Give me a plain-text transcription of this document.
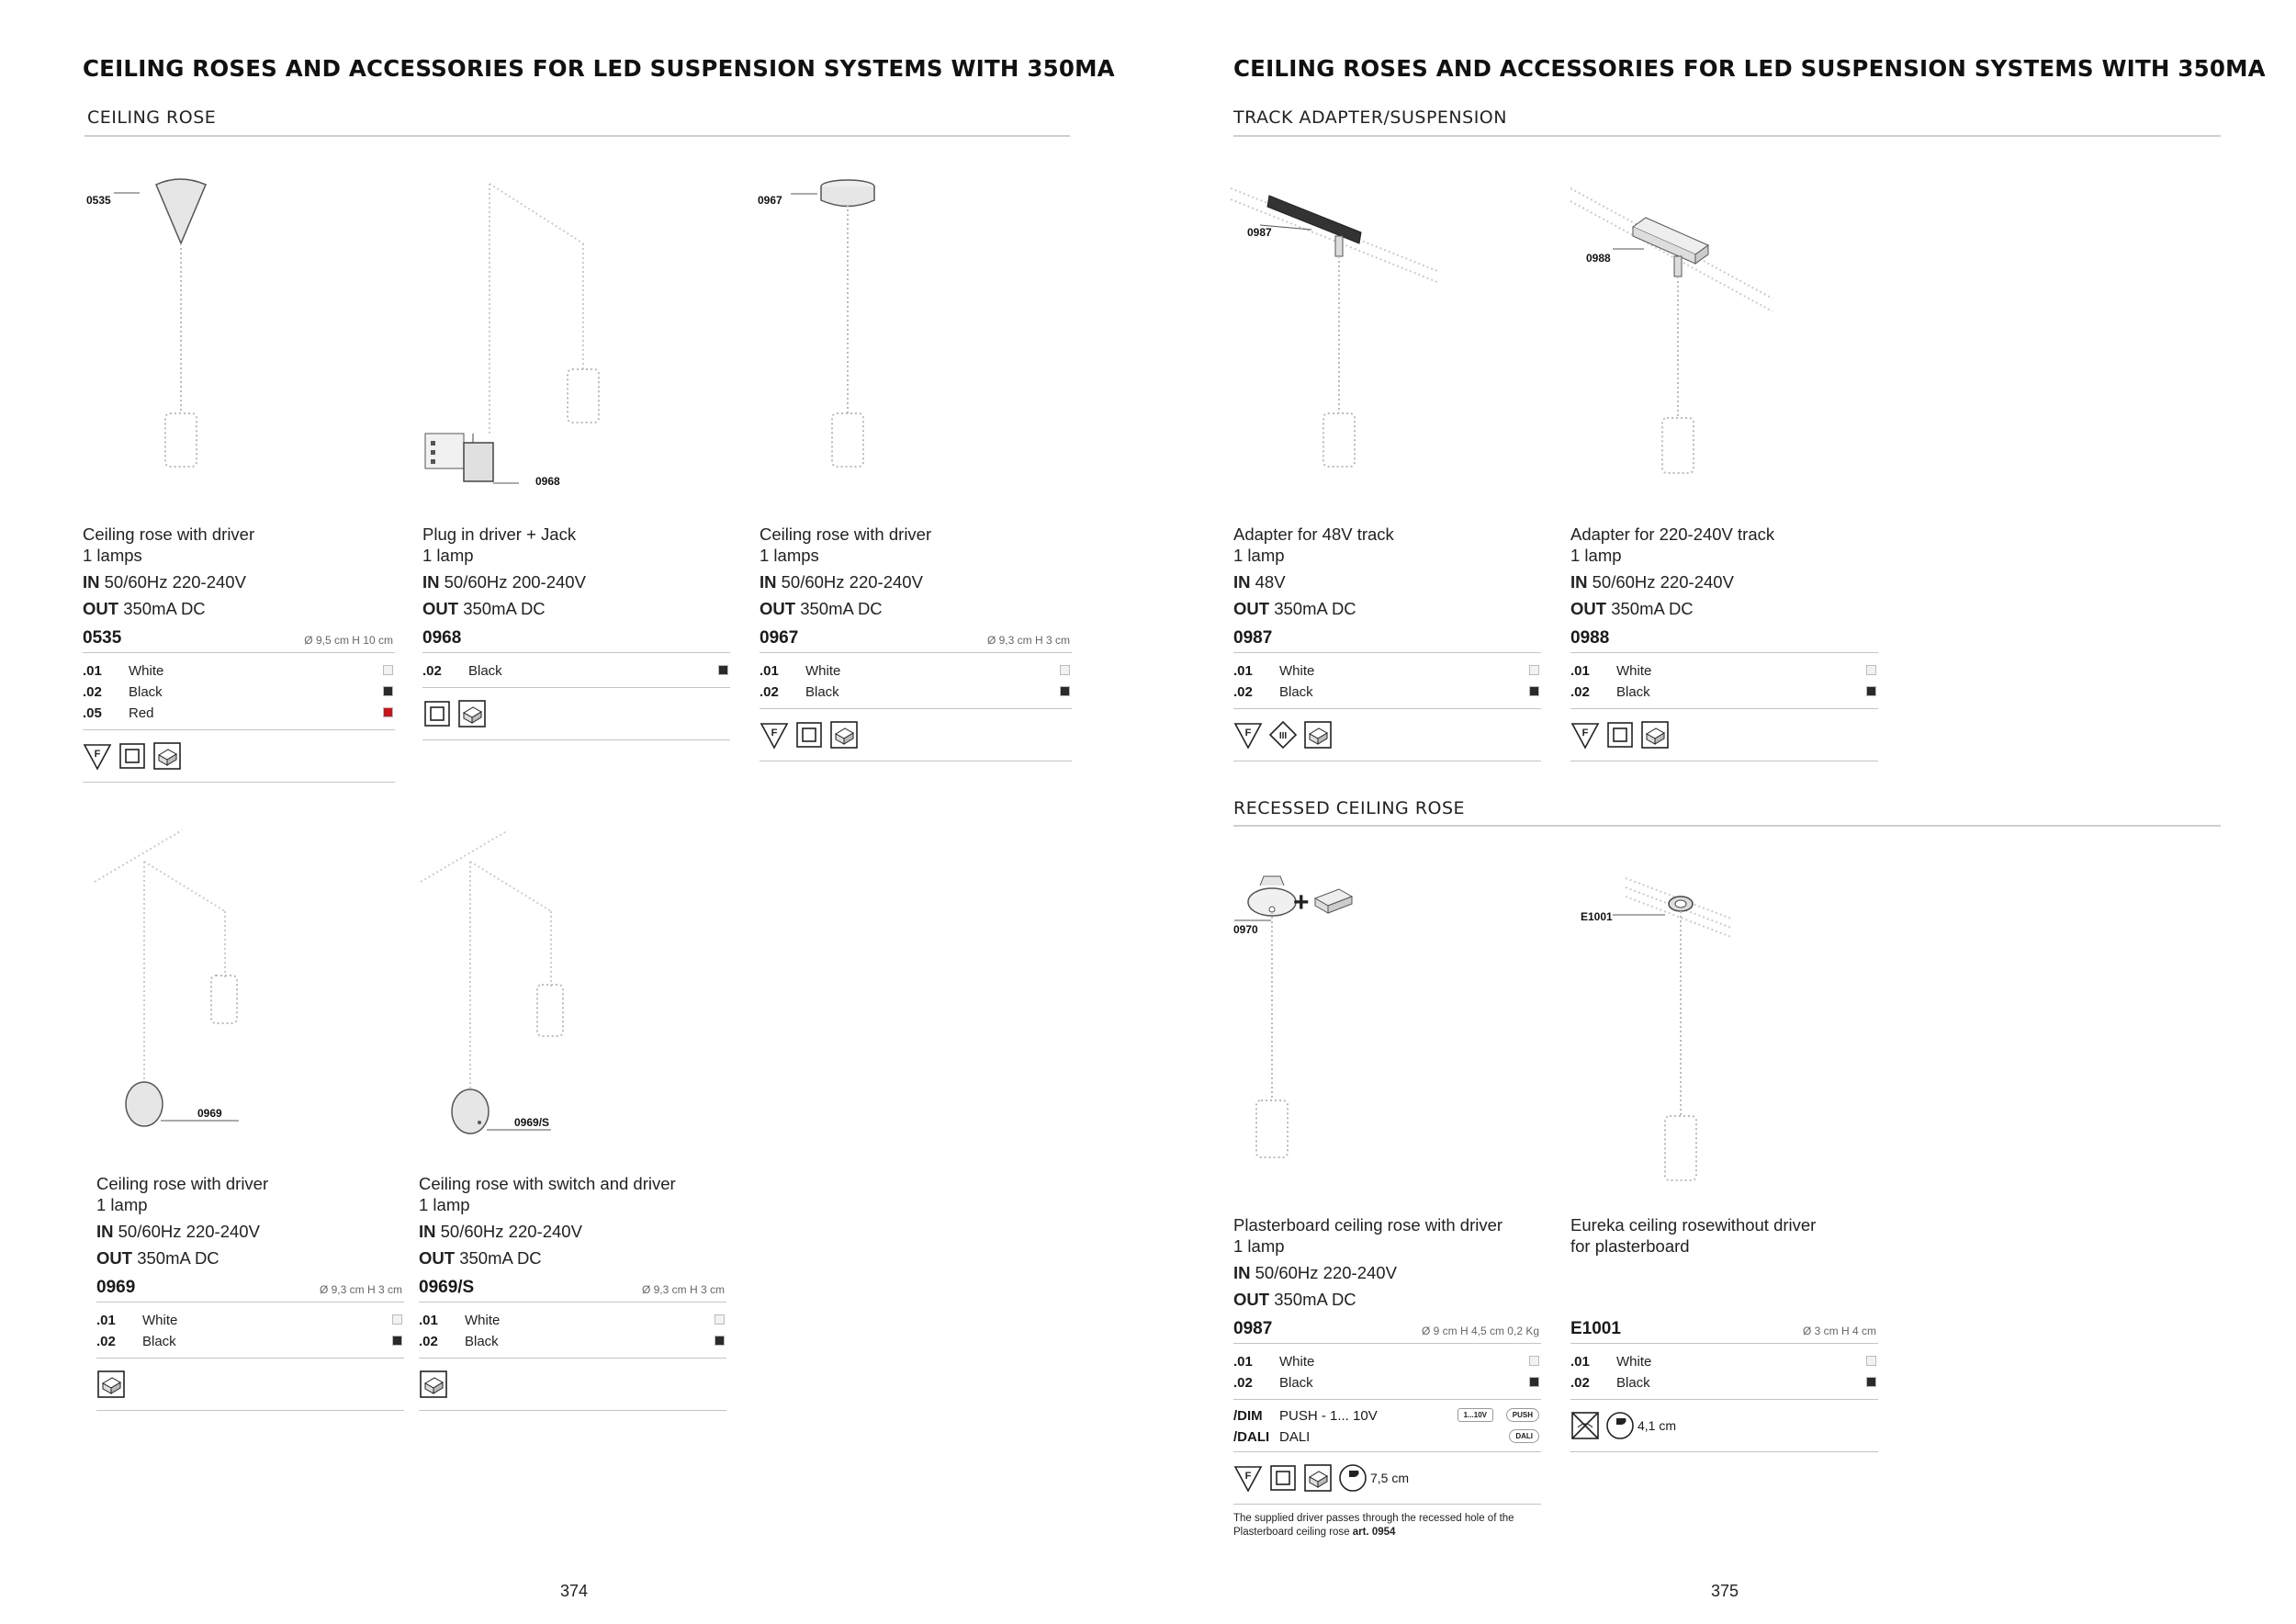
CEILING ROSES AND ACCESSORIES FOR LED SUSPENSION SYSTEMS WITH 350MA
CEILING ROSE
0535
0968
0967
0969
0969/S
Ceiling rose with driver
1 lamps
IN 50/60Hz 220-240V
OUT 350mA DC
0535	Ø 9,5 cm H 10 cm
.01 White
.02 Black
.05 Red
F
Plug in driver + Jack
1 lamp
IN 50/60Hz 200-240V
OUT 350mA DC
0968
.02 Black
Ceiling rose with driver
1 lamps
IN 50/60Hz 220-240V
OUT 350mA DC
0967	Ø 9,3 cm H 3 cm
.01 White
.02 Black
F
Ceiling rose with driver
1 lamp
IN 50/60Hz 220-240V
OUT 350mA DC
0969	Ø 9,3 cm H 3 cm
.01 White
.02 Black
Ceiling rose with switch and driver
1 lamp
IN 50/60Hz 220-240V
OUT 350mA DC
0969/S	Ø 9,3 cm H 3 cm
.01 White
.02 Black
374
CEILING ROSES AND ACCESSORIES FOR LED SUSPENSION SYSTEMS WITH 350MA
TRACK ADAPTER/SUSPENSION
RECESSED CEILING ROSE
0987
0988
+
0970
E1001
Adapter for 48V track
1 lamp
IN 48V
OUT 350mA DC
0987
.01 White
.02 Black
F	III
Adapter for 220-240V track
1 lamp
IN 50/60Hz 220-240V
OUT 350mA DC
0988
.01 White
.02 Black
F
Plasterboard ceiling rose with driver
1 lamp
IN 50/60Hz 220-240V
OUT 350mA DC
0987	Ø 9 cm H 4,5 cm 0,2 Kg
.01 White
.02 Black
/DIM PUSH - 1... 10V	1...10V	PUSH
/DALI DALI	DALI
F	7,5 cm
The supplied driver passes through the recessed hole of the Plasterboard ceiling rose art. 0954
Eureka ceiling rosewithout driver
for plasterboard
E1001	Ø 3 cm H 4 cm
.01 White
.02 Black
4,1 cm
375
